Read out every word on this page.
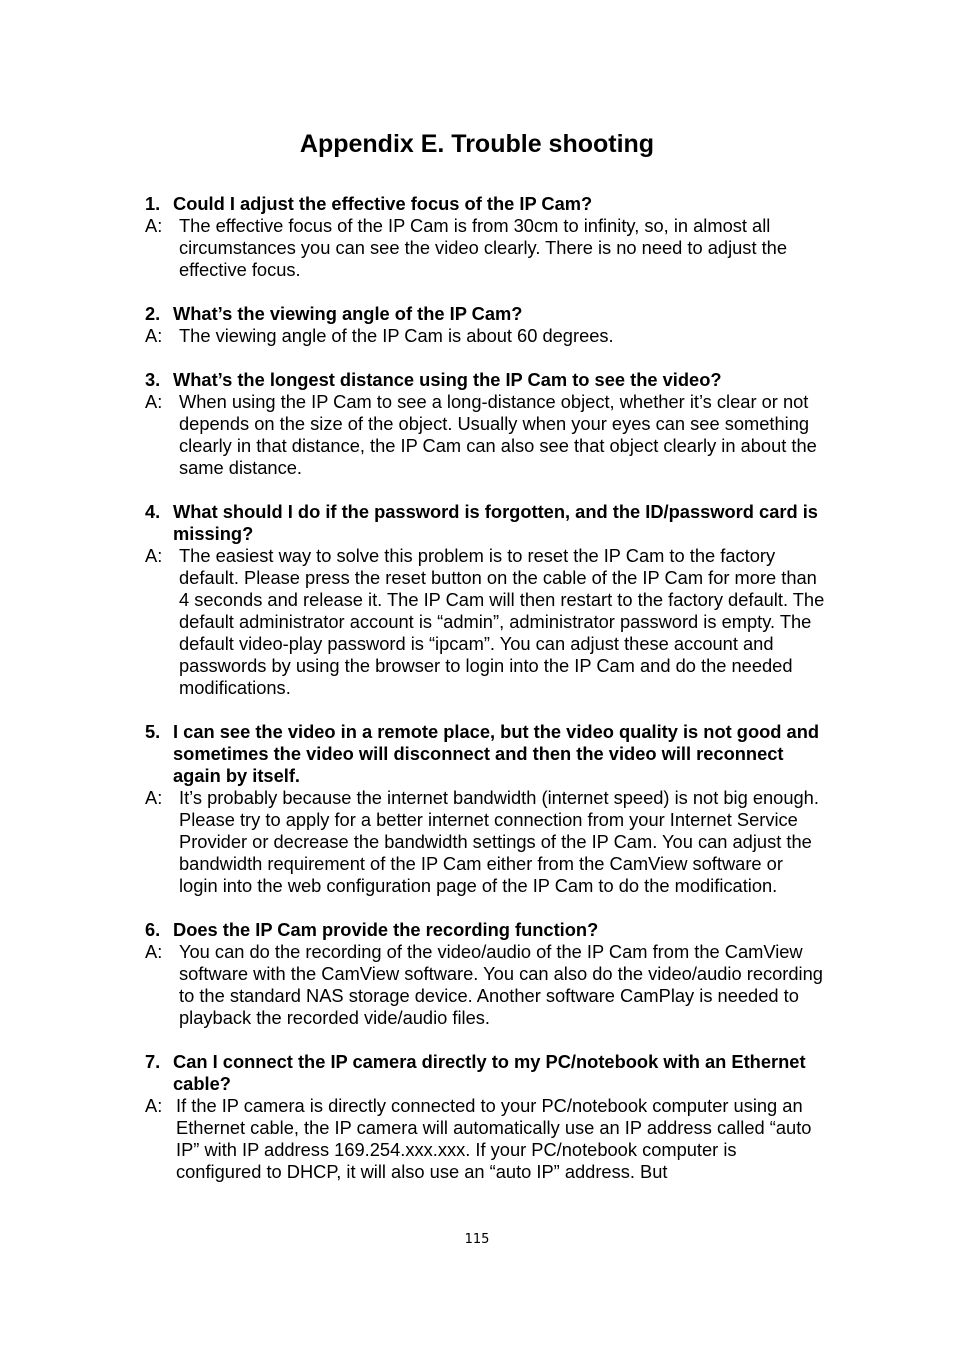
Appendix E. Trouble shooting
1. Could I adjust the effective focus of the IP Cam?
A: The effective focus of the IP Cam is from 30cm to infinity, so, in almost all circumstances you can see the video clearly. There is no need to adjust the effective focus.
2. What’s the viewing angle of the IP Cam?
A: The viewing angle of the IP Cam is about 60 degrees.
3. What’s the longest distance using the IP Cam to see the video?
A: When using the IP Cam to see a long-distance object, whether it’s clear or not depends on the size of the object. Usually when your eyes can see something clearly in that distance, the IP Cam can also see that object clearly in about the same distance.
4. What should I do if the password is forgotten, and the ID/password card is missing?
A: The easiest way to solve this problem is to reset the IP Cam to the factory default. Please press the reset button on the cable of the IP Cam for more than 4 seconds and release it. The IP Cam will then restart to the factory default. The default administrator account is “admin”, administrator password is empty. The default video-play password is “ipcam”. You can adjust these account and passwords by using the browser to login into the IP Cam and do the needed modifications.
5. I can see the video in a remote place, but the video quality is not good and sometimes the video will disconnect and then the video will reconnect again by itself.
A: It’s probably because the internet bandwidth (internet speed) is not big enough. Please try to apply for a better internet connection from your Internet Service Provider or decrease the bandwidth settings of the IP Cam. You can adjust the bandwidth requirement of the IP Cam either from the CamView software or login into the web configuration page of the IP Cam to do the modification.
6. Does the IP Cam provide the recording function?
A: You can do the recording of the video/audio of the IP Cam from the CamView software with the CamView software. You can also do the video/audio recording to the standard NAS storage device. Another software CamPlay is needed to playback the recorded vide/audio files.
7. Can I connect the IP camera directly to my PC/notebook with an Ethernet cable?
A: If the IP camera is directly connected to your PC/notebook computer using an Ethernet cable, the IP camera will automatically use an IP address called “auto IP” with IP address 169.254.xxx.xxx. If your PC/notebook computer is configured to DHCP, it will also use an “auto IP” address. But
115
